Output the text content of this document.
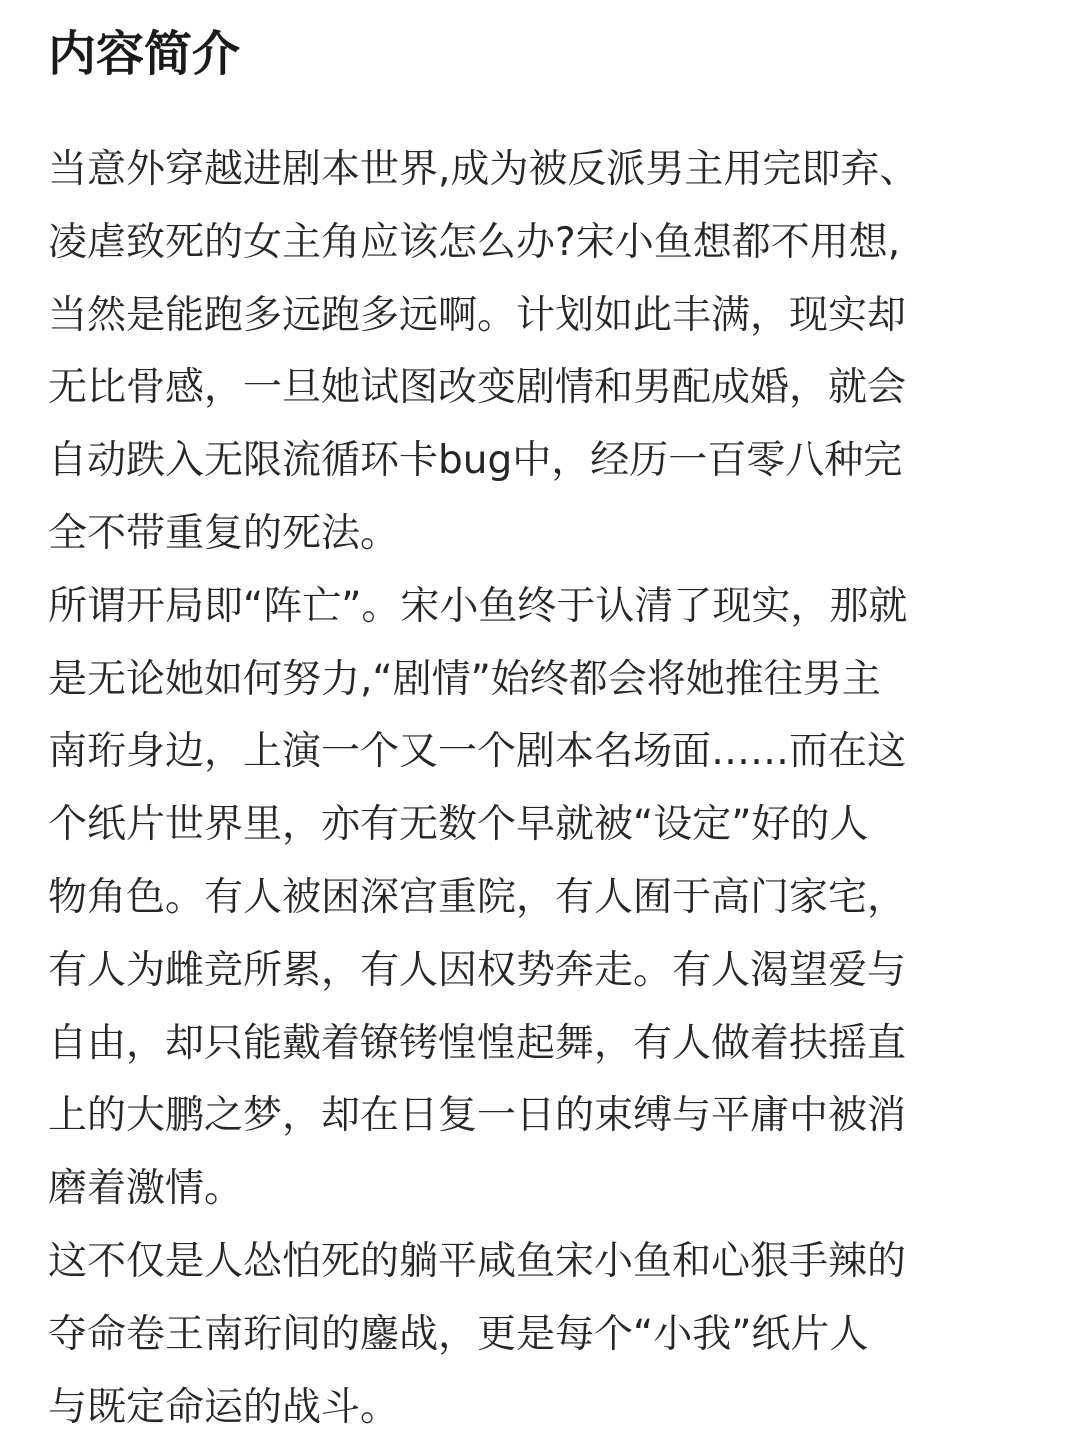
内容简介
当意外穿越进剧本世界,成为被反派男主用完即弃、
凌虐致死的女主角应该怎么办?宋小鱼想都不用想,
当然是能跑多远跑多远啊。计划如此丰满，现实却
无比骨感，一旦她试图改变剧情和男配成婚，就会
自动跌入无限流循环卡bug中，经历一百零八种完
全不带重复的死法。
所谓开局即“阵亡”。宋小鱼终于认清了现实，那就
是无论她如何努力,“剧情”始终都会将她推往男主
南珩身边，上演一个又一个剧本名场面……而在这
个纸片世界里，亦有无数个早就被“设定”好的人
物角色。有人被困深宫重院，有人囿于高门家宅，
有人为雌竞所累，有人因权势奔走。有人渴望爱与
自由，却只能戴着镣铐惶惶起舞，有人做着扶摇直
上的大鹏之梦，却在日复一日的束缚与平庸中被消
磨着激情。
这不仅是人怂怕死的躺平咸鱼宋小鱼和心狠手辣的
夺命卷王南珩间的鏖战，更是每个“小我”纸片人
与既定命运的战斗。
